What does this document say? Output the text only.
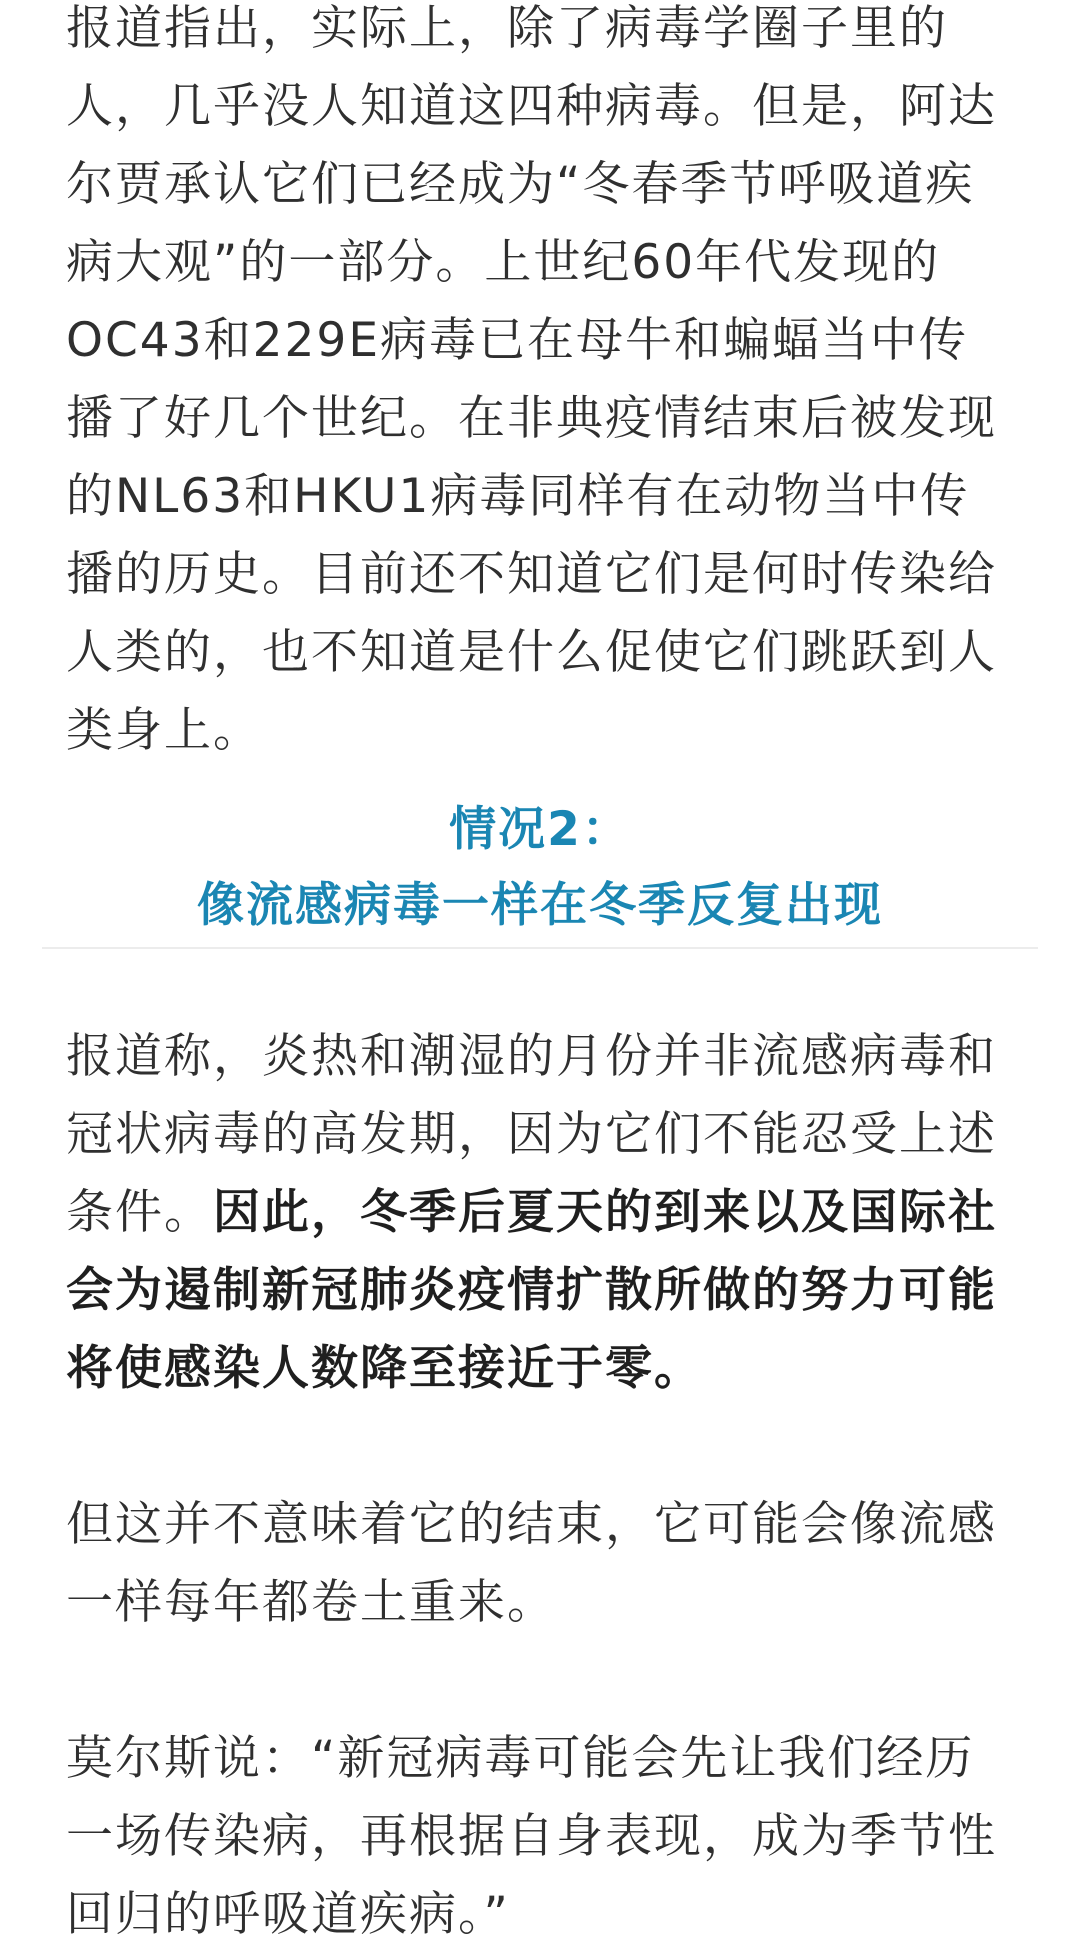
报道指出，实际上，除了病毒学圈子里的人，几乎没人知道这四种病毒。但是，阿达尔贾承认它们已经成为“冬春季节呼吸道疾病大观”的一部分。上世纪60年代发现的OC43和229E病毒已在母牛和蝙蝠当中传播了好几个世纪。在非典疫情结束后被发现的NL63和HKU1病毒同样有在动物当中传播的历史。目前还不知道它们是何时传染给人类的，也不知道是什么促使它们跳跃到人类身上。

情况2：
像流感病毒一样在冬季反复出现

报道称，炎热和潮湿的月份并非流感病毒和冠状病毒的高发期，因为它们不能忍受上述条件。因此，冬季后夏天的到来以及国际社会为遏制新冠肺炎疫情扩散所做的努力可能将使感染人数降至接近于零。

但这并不意味着它的结束，它可能会像流感一样每年都卷土重来。

莫尔斯说：“新冠病毒可能会先让我们经历一场传染病，再根据自身表现，成为季节性回归的呼吸道疾病。”
